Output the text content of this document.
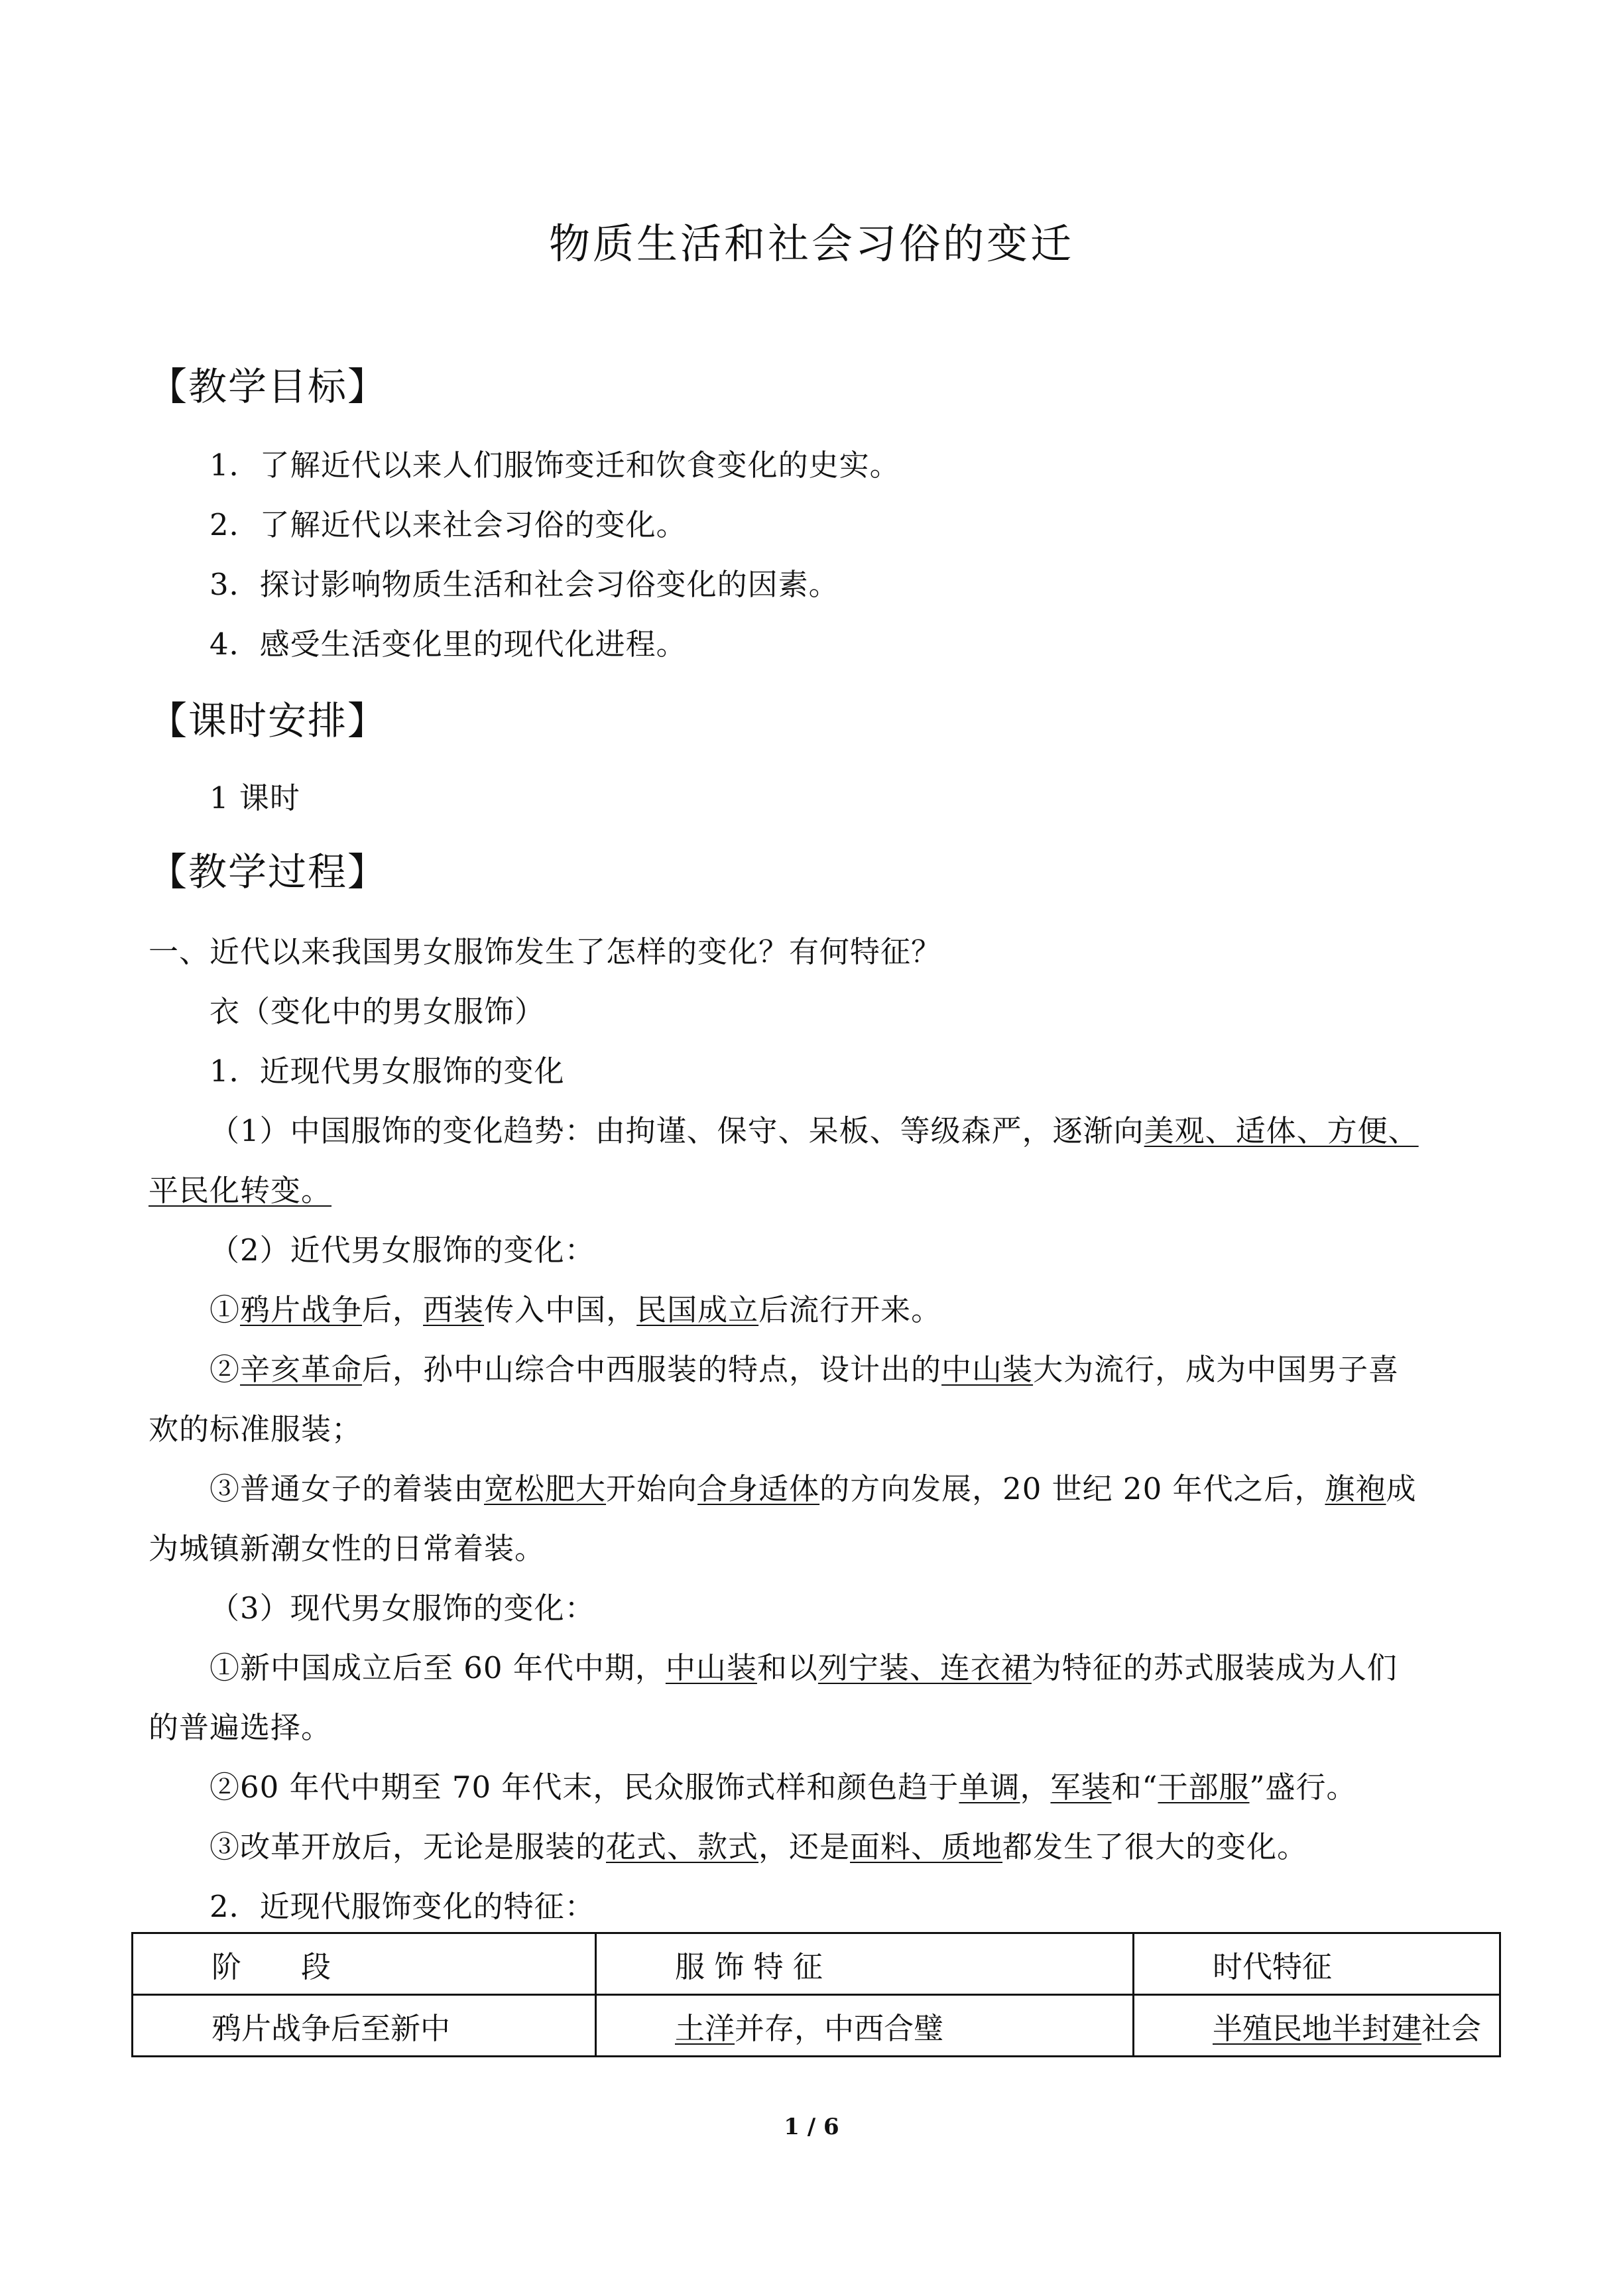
物质生活和社会习俗的变迁
【教学目标】
1．了解近代以来人们服饰变迁和饮食变化的史实。
2．了解近代以来社会习俗的变化。
3．探讨影响物质生活和社会习俗变化的因素。
4．感受生活变化里的现代化进程。
【课时安排】
1 课时
【教学过程】
一、近代以来我国男女服饰发生了怎样的变化？有何特征？
衣（变化中的男女服饰）
1．近现代男女服饰的变化
（1）中国服饰的变化趋势：由拘谨、保守、呆板、等级森严，逐渐向美观、适体、方便、
平民化转变。
（2）近代男女服饰的变化：
①鸦片战争后，西装传入中国，民国成立后流行开来。
②辛亥革命后，孙中山综合中西服装的特点，设计出的中山装大为流行，成为中国男子喜
欢的标准服装；
③普通女子的着装由宽松肥大开始向合身适体的方向发展，20 世纪 20 年代之后，旗袍成
为城镇新潮女性的日常着装。
（3）现代男女服饰的变化：
①新中国成立后至 60 年代中期，中山装和以列宁装、连衣裙为特征的苏式服装成为人们
的普遍选择。
②60 年代中期至 70 年代末，民众服饰式样和颜色趋于单调，军装和“干部服”盛行。
③改革开放后，无论是服装的花式、款式，还是面料、质地都发生了很大的变化。
2．近现代服饰变化的特征：
阶　　段	服 饰 特 征	时代特征
鸦片战争后至新中	土洋并存，中西合璧	半殖民地半封建社会
1 / 6
